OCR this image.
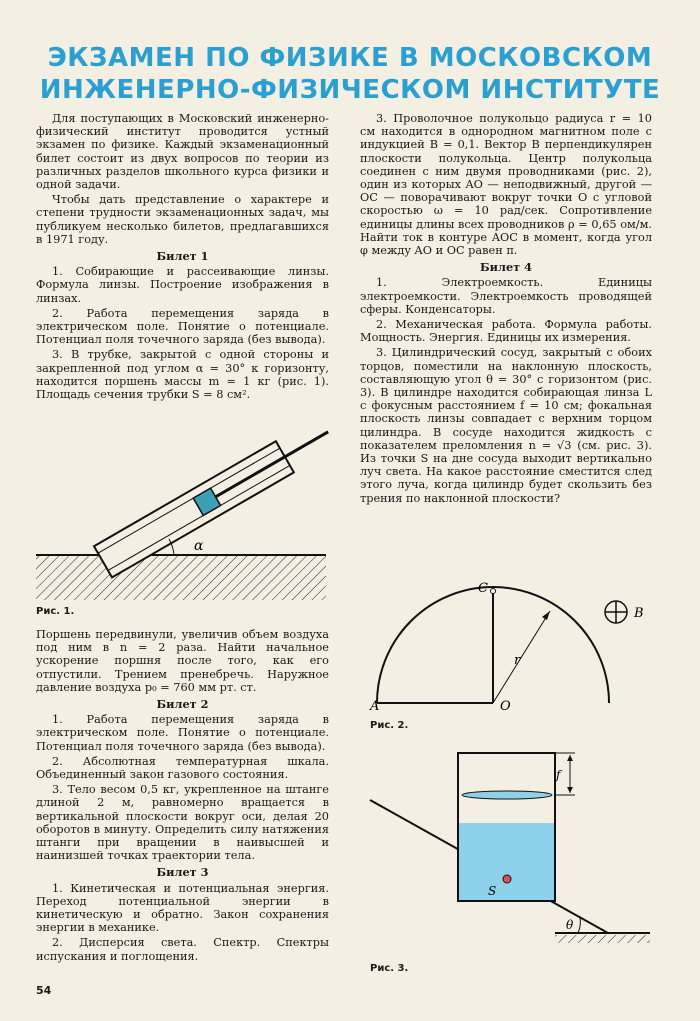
ЭКЗАМЕН ПО ФИЗИКЕ В МОСКОВСКОМ
ИНЖЕНЕРНО-ФИЗИЧЕСКОМ ИНСТИТУТЕ

Для поступающих в Московский инженерно-физический институт проводится устный экзамен по физике. Каждый экзаменационный билет состоит из двух вопросов по теории из различных разделов школьного курса физики и одной задачи.

Чтобы дать представление о характере и степени трудности экзаменационных задач, мы публикуем несколько билетов, предлагавшихся в 1971 году.

Билет 1

1. Собирающие и рассеивающие линзы. Формула линзы. Построение изображения в линзах.

2. Работа перемещения заряда в электрическом поле. Понятие о потенциале. Потенциал поля точечного заряда (без вывода).

3. В трубке, закрытой с одной стороны и закрепленной под углом α = 30° к горизонту, находится поршень массы m = 1 кг (рис. 1). Площадь сечения трубки S = 8 см².

α
Рис. 1.

Поршень передвинули, увеличив объем воздуха под ним в n = 2 раза. Найти начальное ускорение поршня после того, как его отпустили. Трением пренебречь. Наружное давление воздуха p₀ = 760 мм рт. ст.

Билет 2

1. Работа перемещения заряда в электрическом поле. Понятие о потенциале. Потенциал поля точечного заряда (без вывода).

2. Абсолютная температурная шкала. Объединенный закон газового состояния.

3. Тело весом 0,5 кг, укрепленное на штанге длиной 2 м, равномерно вращается в вертикальной плоскости вокруг оси, делая 20 оборотов в минуту. Определить силу натяжения штанги при вращении в наивысшей и наинизшей точках траектории тела.

Билет 3

1. Кинетическая и потенциальная энергия. Переход потенциальной энергии в кинетическую и обратно. Закон сохранения энергии в механике.

2. Дисперсия света. Спектр. Спектры испускания и поглощения.

54

3. Проволочное полукольцо радиуса r = 10 см находится в однородном магнитном поле с индукцией B = 0,1. Вектор B перпендикулярен плоскости полукольца. Центр полукольца соединен с ним двумя проводниками (рис. 2), один из которых AO — неподвижный, другой — OC — поворачивают вокруг точки O с угловой скоростью ω = 10 рад/сек. Сопротивление единицы длины всех проводников ρ = 0,65 ом/м. Найти ток в контуре AOC в момент, когда угол φ между AO и OC равен π.

Билет 4

1. Электроемкость. Единицы электроемкости. Электроемкость проводящей сферы. Конденсаторы.

2. Механическая работа. Формула работы. Мощность. Энергия. Единицы их измерения.

3. Цилиндрический сосуд, закрытый с обоих торцов, поместили на наклонную плоскость, составляющую угол θ = 30° с горизонтом (рис. 3). В цилиндре находится собирающая линза L с фокусным расстоянием f = 10 см; фокальная плоскость линзы совпадает с верхним торцом цилиндра. В сосуде находится жидкость с показателем преломления n = √3 (см. рис. 3). Из точки S на дне сосуда выходит вертикально луч света. На какое расстояние сместится след этого луча, когда цилиндр будет скользить без трения по наклонной плоскости?

A	O
C
r
B
Рис. 2.
f
S
θ
Рис. 3.
